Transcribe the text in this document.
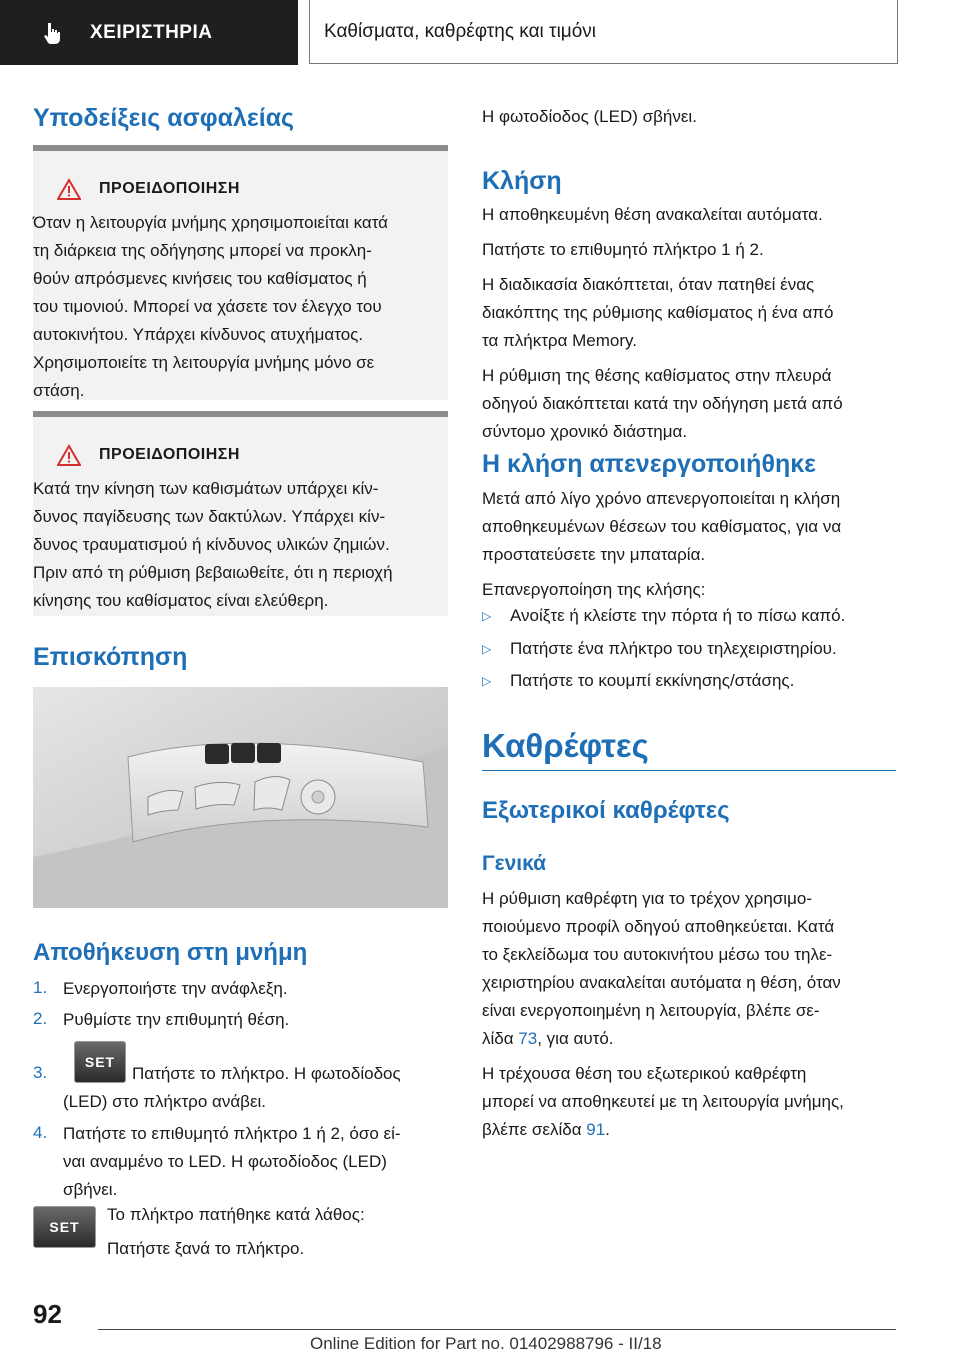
ΧΕΙΡΙΣΤΗΡΙΑ	Καθίσματα, καθρέφτης και τιμόνι
Υποδείξεις ασφαλείας
ΠΡΟΕΙΔΟΠΟΙΗΣΗ

Όταν η λειτουργία μνήμης χρησιμοποιείται κατά

τη διάρκεια της οδήγησης μπορεί να προκλη-

θούν απρόσμενες κινήσεις του καθίσματος ή

του τιμονιού. Μπορεί να χάσετε τον έλεγχο του

αυτοκινήτου. Υπάρχει κίνδυνος ατυχήματος.

Χρησιμοποιείτε τη λειτουργία μνήμης μόνο σε

στάση.

ΠΡΟΕΙΔΟΠΟΙΗΣΗ

Κατά την κίνηση των καθισμάτων υπάρχει κίν-

δυνος παγίδευσης των δακτύλων. Υπάρχει κίν-

δυνος τραυματισμού ή κίνδυνος υλικών ζημιών.

Πριν από τη ρύθμιση βεβαιωθείτε, ότι η περιοχή

κίνησης του καθίσματος είναι ελεύθερη.

Επισκόπηση
Αποθήκευση στη μνήμη
1. Ενεργοποιήστε την ανάφλεξη.

2. Ρυθμίστε την επιθυμητή θέση.

3.
SET

Πατήστε το πλήκτρο. Η φωτοδίοδος

(LED) στο πλήκτρο ανάβει.

4. Πατήστε το επιθυμητό πλήκτρο 1 ή 2, όσο εί-

ναι αναμμένο το LED. Η φωτοδίοδος (LED)

σβήνει.

SET

Το πλήκτρο πατήθηκε κατά λάθος:

Πατήστε ξανά το πλήκτρο.

Η φωτοδίοδος (LED) σβήνει.
Κλήση

Η αποθηκευμένη θέση ανακαλείται αυτόματα.

Πατήστε το επιθυμητό πλήκτρο 1 ή 2.

Η διαδικασία διακόπτεται, όταν πατηθεί ένας

διακόπτης της ρύθμισης καθίσματος ή ένα από

τα πλήκτρα Memory.

Η ρύθμιση της θέσης καθίσματος στην πλευρά

οδηγού διακόπτεται κατά την οδήγηση μετά από

σύντομο χρονικό διάστημα.

Η κλήση απενεργοποιήθηκε

Μετά από λίγο χρόνο απενεργοποιείται η κλήση

αποθηκευμένων θέσεων του καθίσματος, για να

προστατεύσετε την μπαταρία.

Επανεργοποίηση της κλήσης:

▷ Ανοίξτε ή κλείστε την πόρτα ή το πίσω καπό.
▷ Πατήστε ένα πλήκτρο του τηλεχειριστηρίου.
▷ Πατήστε το κουμπί εκκίνησης/στάσης.
Καθρέφτες
Εξωτερικοί καθρέφτες
Γενικά

Η ρύθμιση καθρέφτη για το τρέχον χρησιμο-

ποιούμενο προφίλ οδηγού αποθηκεύεται. Κατά

το ξεκλείδωμα του αυτοκινήτου μέσω του τηλε-

χειριστηρίου ανακαλείται αυτόματα η θέση, όταν

είναι ενεργοποιημένη η λειτουργία, βλέπε σε-

λίδα 73, για αυτό.

Η τρέχουσα θέση του εξωτερικού καθρέφτη

μπορεί να αποθηκευτεί με τη λειτουργία μνήμης,

βλέπε σελίδα 91.

92
Online Edition for Part no. 01402988796 - II/18
